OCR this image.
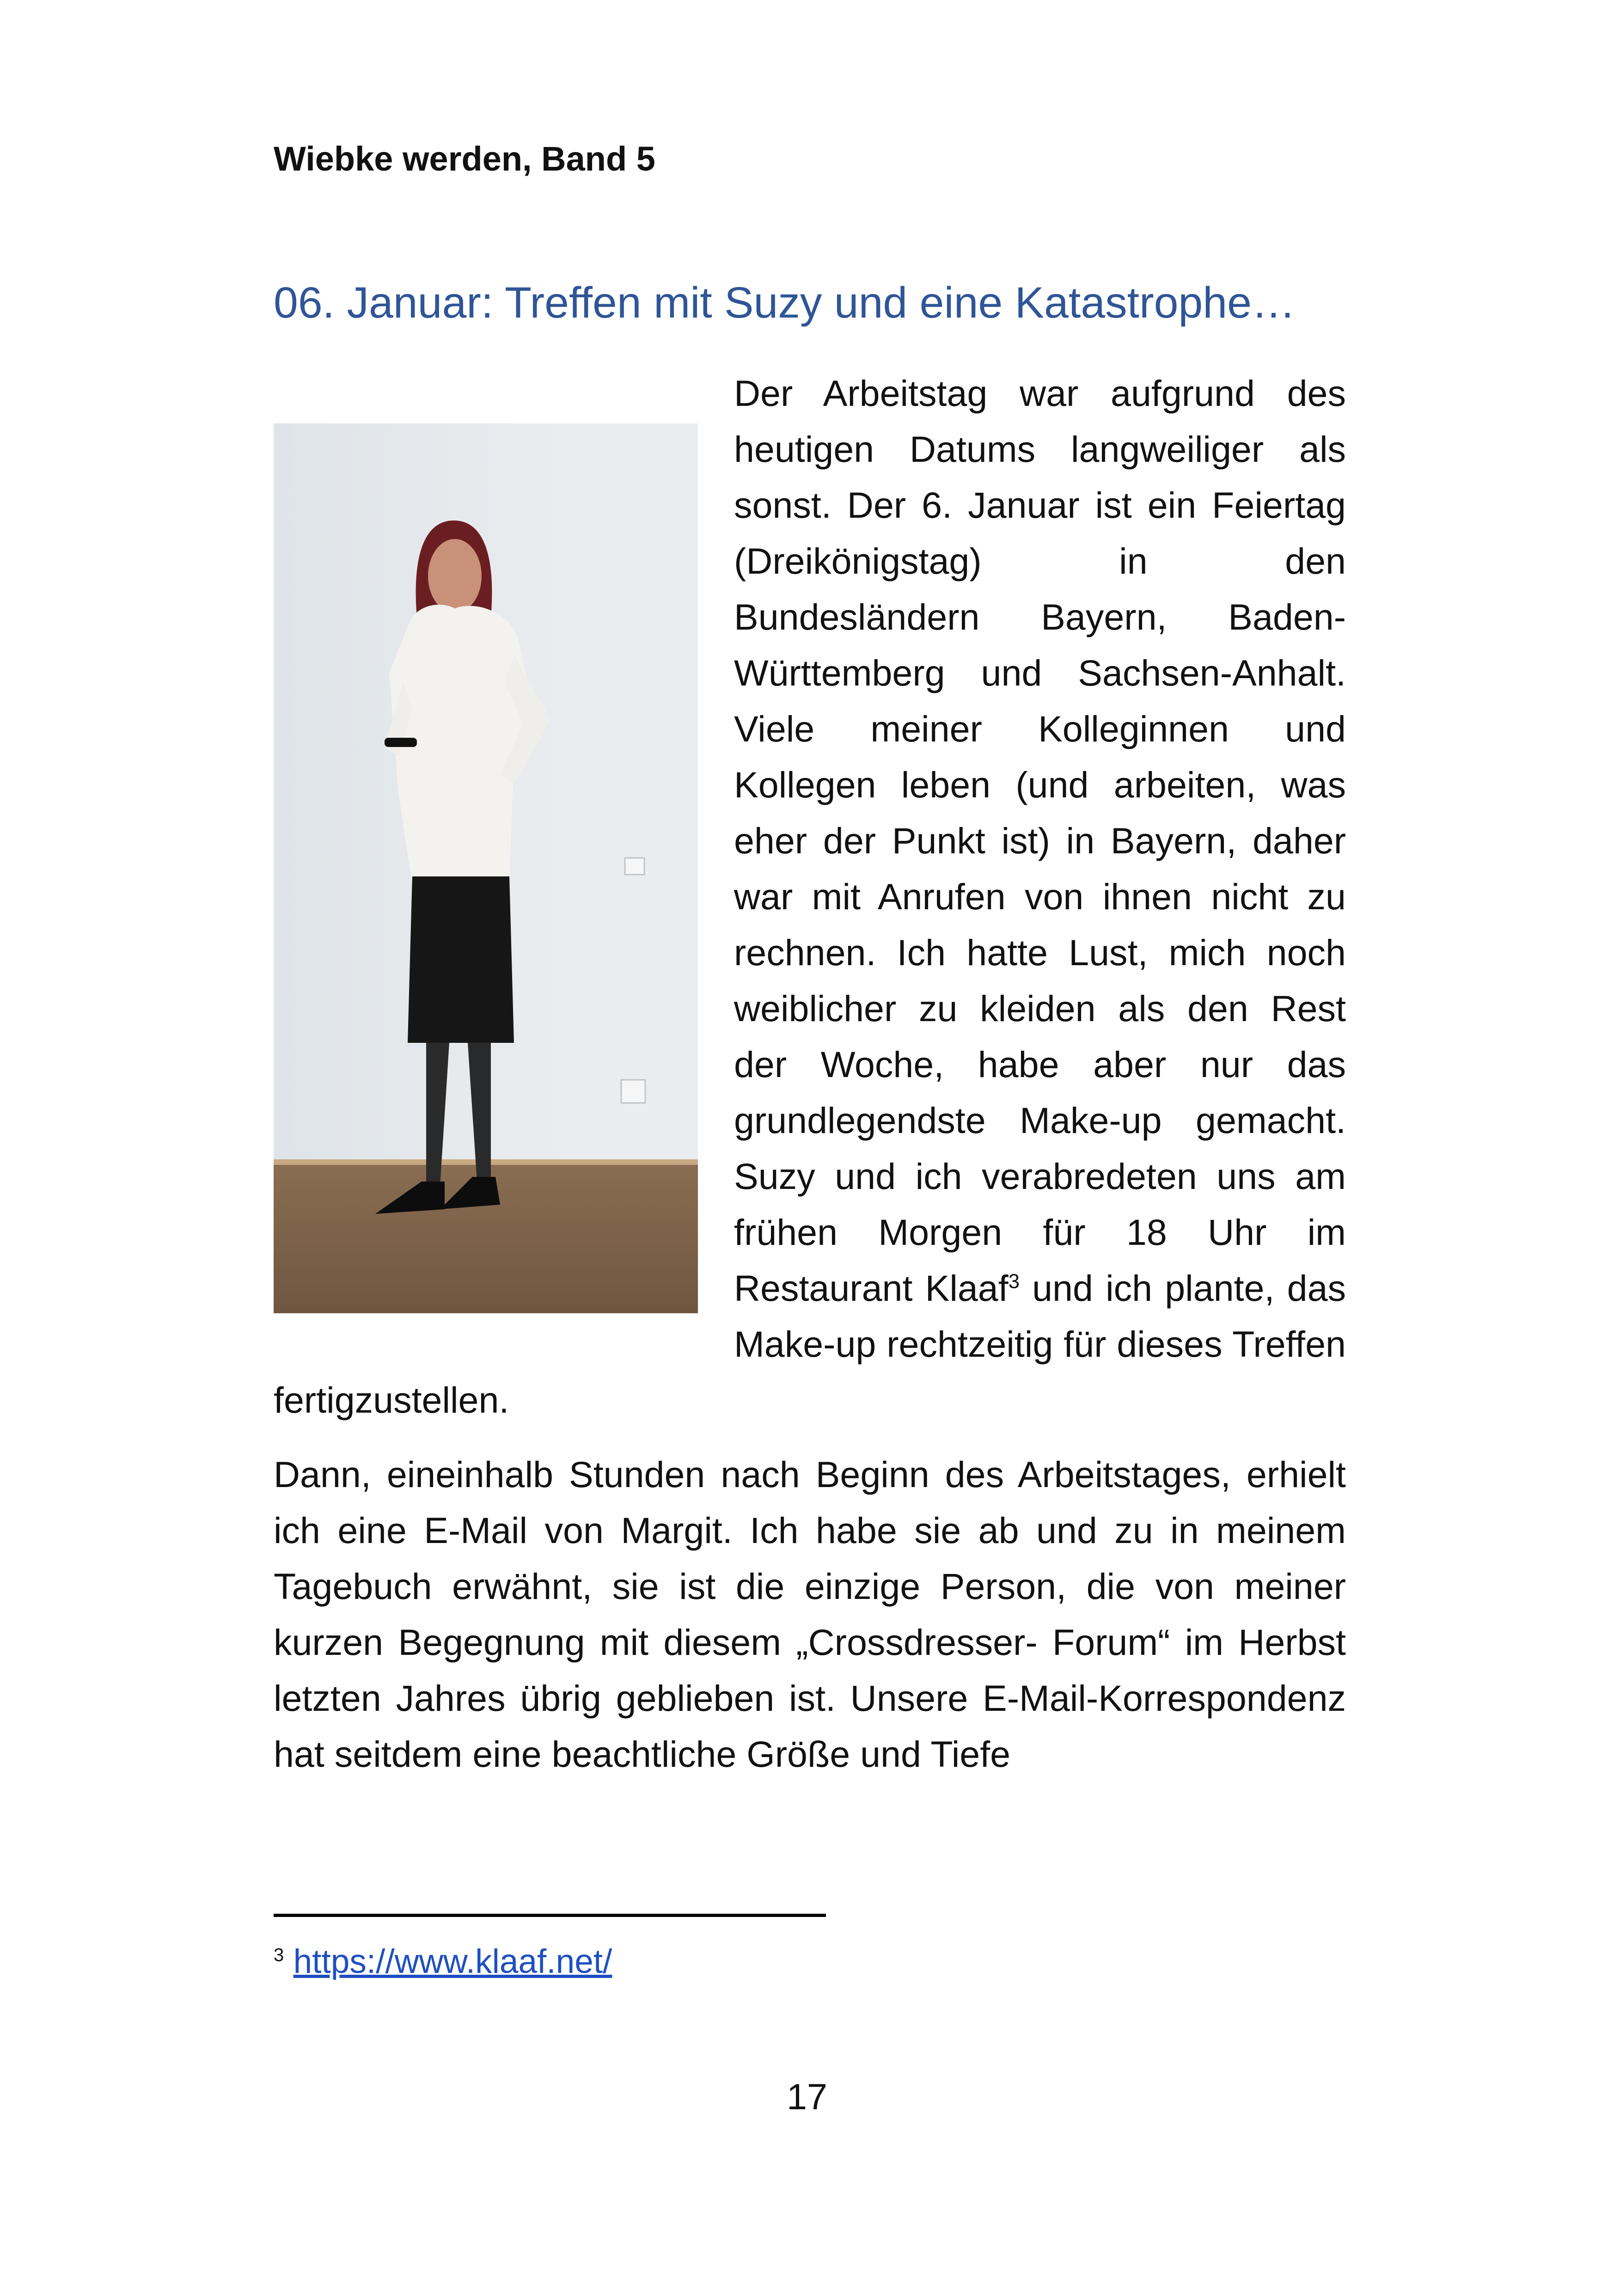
Wiebke werden, Band 5
06. Januar: Treffen mit Suzy und eine Katastrophe…

Der Arbeitstag war aufgrund des heutigen Datums langweiliger als sonst. Der 6. Januar ist ein Feiertag (Dreikönigstag) in den Bundesländern Bayern, Baden-Württemberg und Sachsen-Anhalt. Viele meiner Kolleginnen und Kollegen leben (und arbeiten, was eher der Punkt ist) in Bayern, daher war mit Anrufen von ihnen nicht zu rechnen. Ich hatte Lust, mich noch weiblicher zu kleiden als den Rest der Woche, habe aber nur das grundlegendste Make-up gemacht. Suzy und ich verabredeten uns am frühen Morgen für 18 Uhr im Restaurant Klaaf$^3$ und ich plante, das Make-up rechtzeitig für dieses Treffen fertigzustellen.

Dann, eineinhalb Stunden nach Beginn des Arbeitstages, erhielt ich eine E-Mail von Margit. Ich habe sie ab und zu in meinem Tagebuch erwähnt, sie ist die einzige Person, die von meiner kurzen Begegnung mit diesem „Crossdresser- Forum“ im Herbst letzten Jahres übrig geblieben ist. Unsere E-Mail-Korrespondenz hat seitdem eine beachtliche Größe und Tiefe

$^3$ https://www.klaaf.net/
17
